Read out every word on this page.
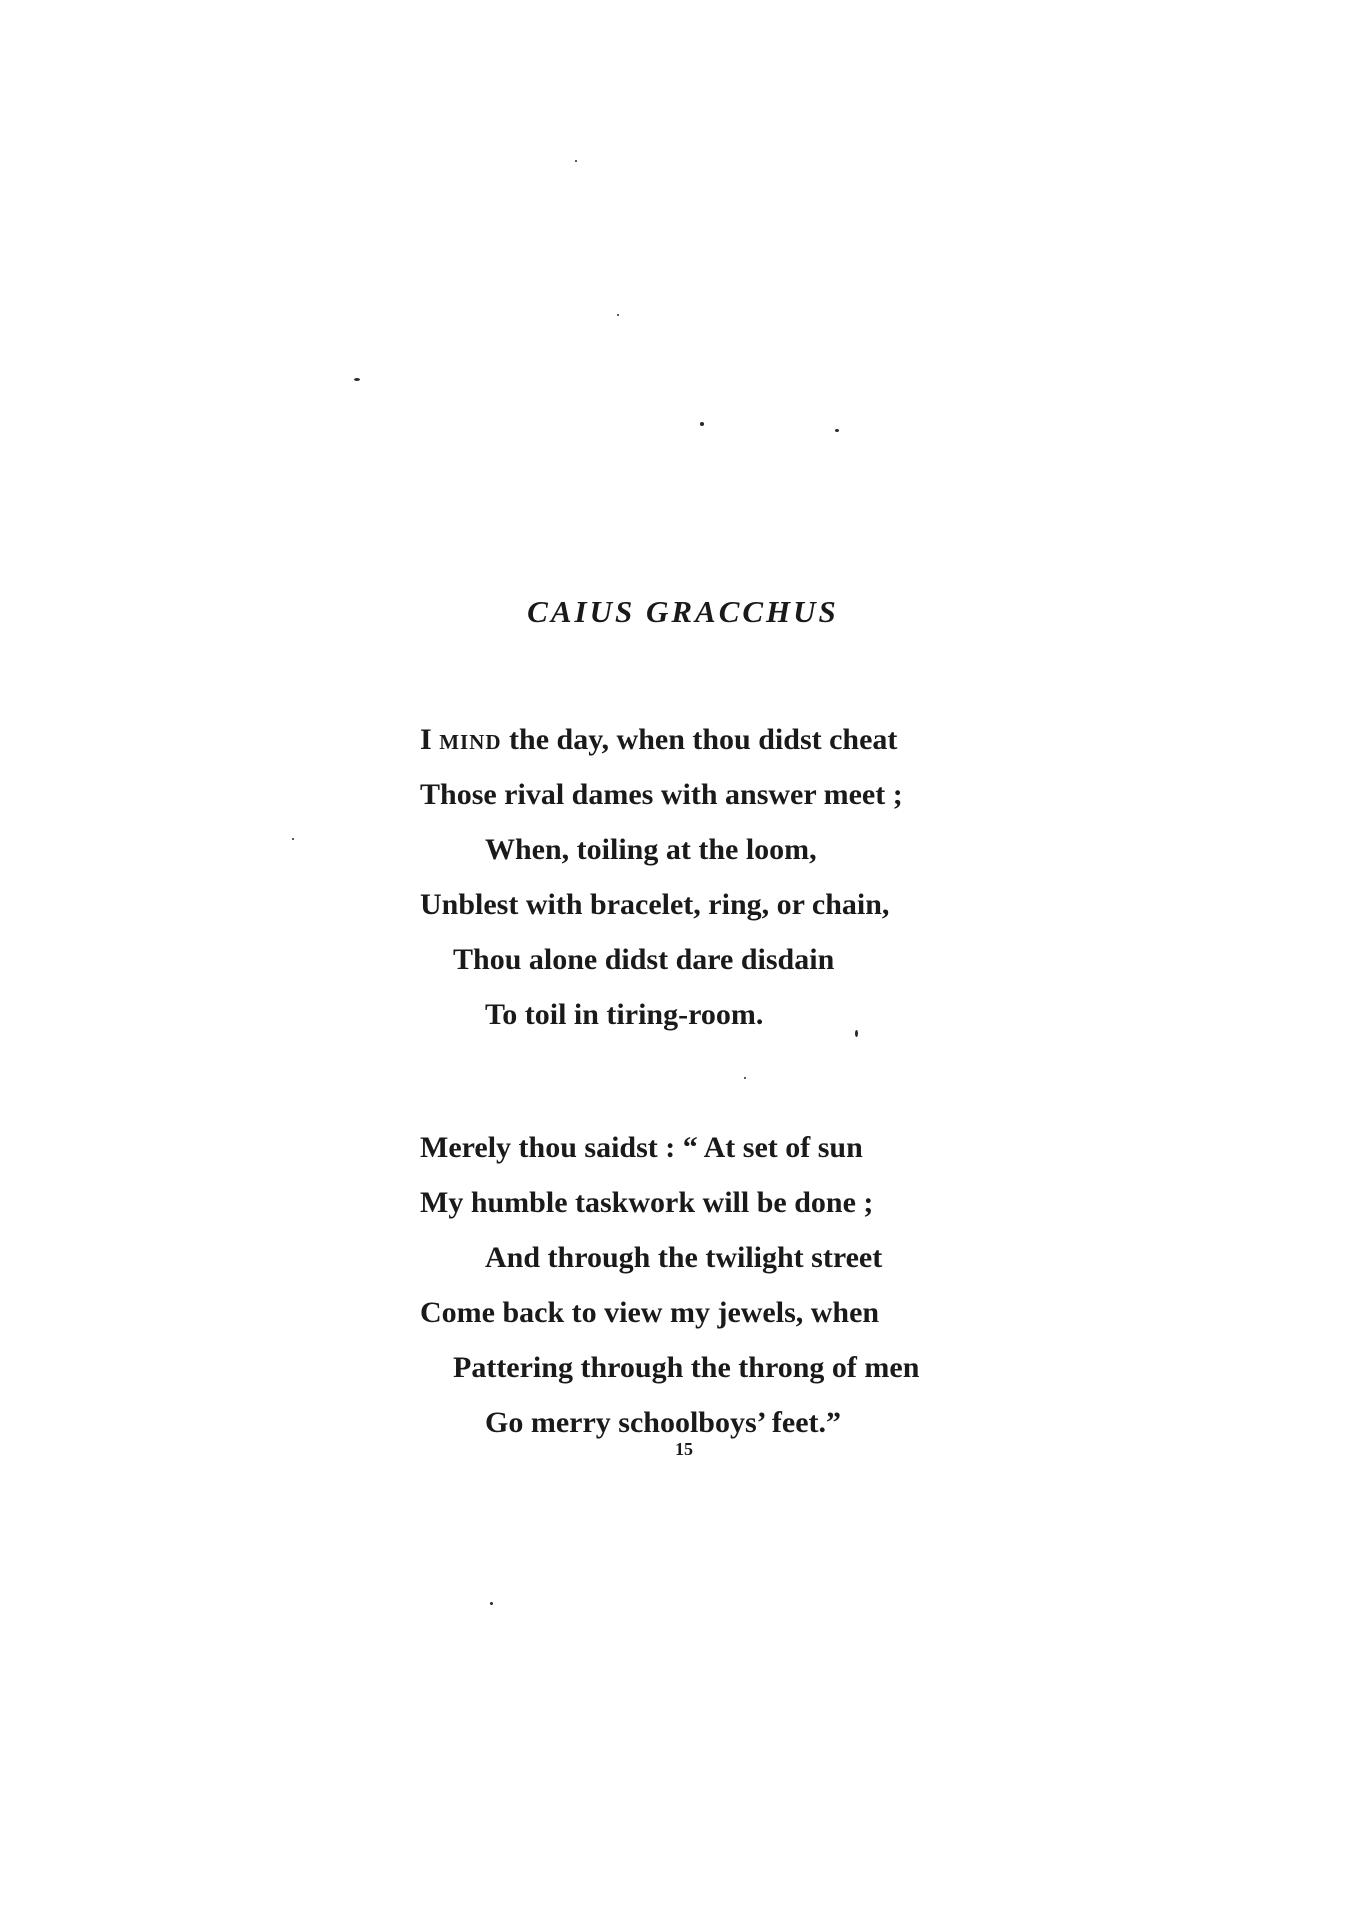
CAIUS GRACCHUS
I mind the day, when thou didst cheat
Those rival dames with answer meet ;
When, toiling at the loom,
Unblest with bracelet, ring, or chain,
Thou alone didst dare disdain
To toil in tiring-room.
Merely thou saidst : “ At set of sun
My humble taskwork will be done ;
And through the twilight street
Come back to view my jewels, when
Pattering through the throng of men
Go merry schoolboys’ feet.”
15
